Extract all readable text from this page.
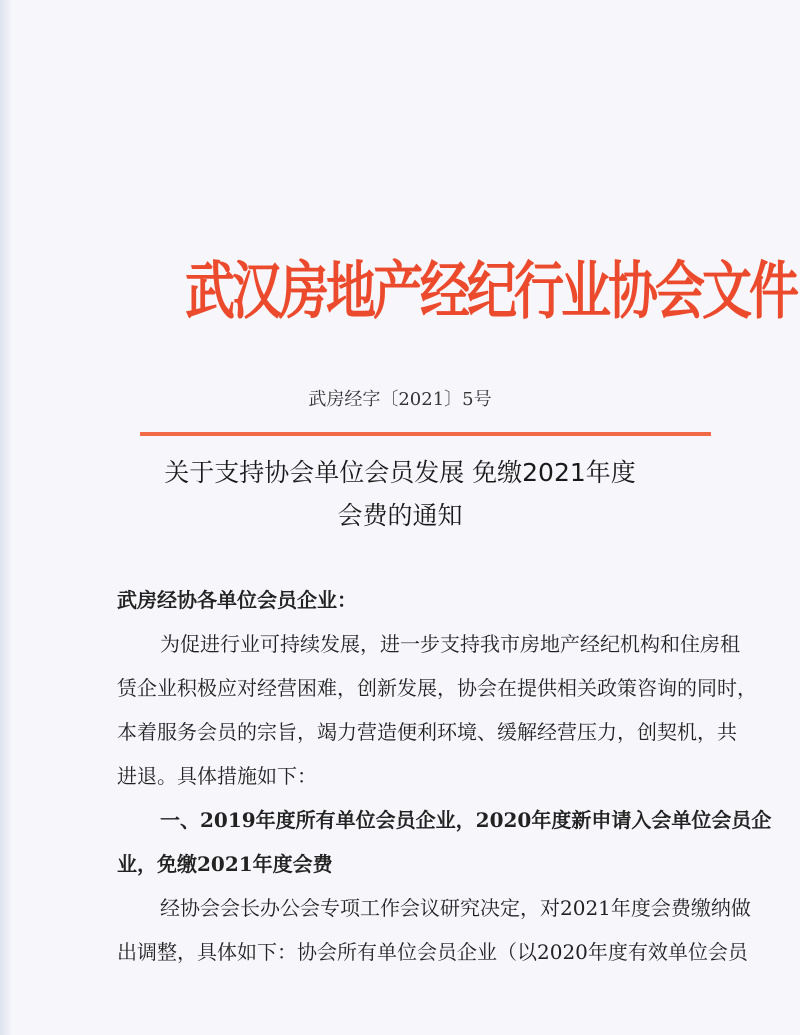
武汉房地产经纪行业协会文件
武房经字〔2021〕5号
关于支持协会单位会员发展 免缴2021年度
会费的通知
武房经协各单位会员企业：
为促进行业可持续发展，进一步支持我市房地产经纪机构和住房租
赁企业积极应对经营困难，创新发展，协会在提供相关政策咨询的同时，
本着服务会员的宗旨，竭力营造便利环境、缓解经营压力，创契机，共
进退。具体措施如下：
一、2019年度所有单位会员企业，2020年度新申请入会单位会员企
业，免缴2021年度会费
经协会会长办公会专项工作会议研究决定，对2021年度会费缴纳做
出调整，具体如下：协会所有单位会员企业（以2020年度有效单位会员
